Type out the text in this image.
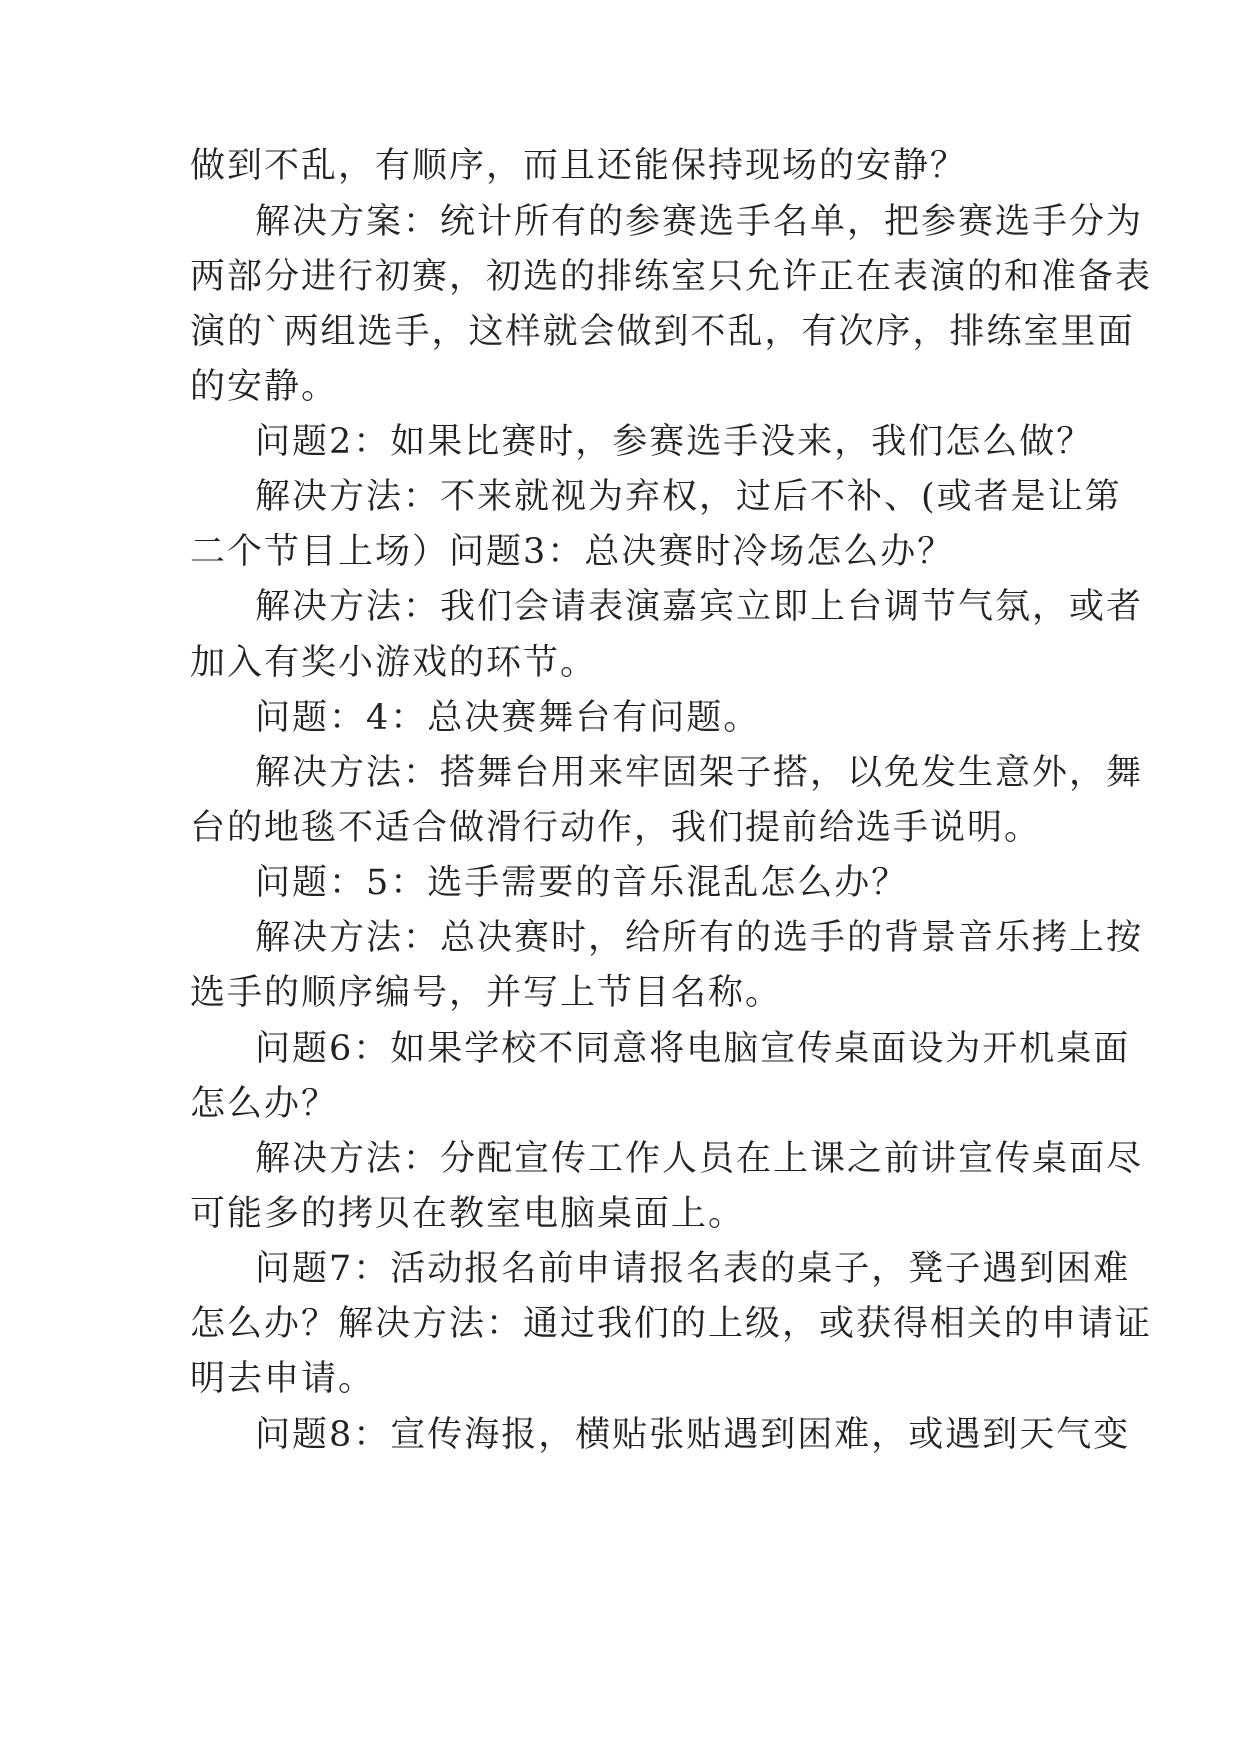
做到不乱，有顺序，而且还能保持现场的安静？
解决方案：统计所有的参赛选手名单，把参赛选手分为
两部分进行初赛，初选的排练室只允许正在表演的和准备表
演的`两组选手，这样就会做到不乱，有次序，排练室里面
的安静。
问题2：如果比赛时，参赛选手没来，我们怎么做？
解决方法：不来就视为弃权，过后不补、(或者是让第
二个节目上场）问题3：总决赛时冷场怎么办？
解决方法：我们会请表演嘉宾立即上台调节气氛，或者
加入有奖小游戏的环节。
问题：4：总决赛舞台有问题。
解决方法：搭舞台用来牢固架子搭，以免发生意外，舞
台的地毯不适合做滑行动作，我们提前给选手说明。
问题：5：选手需要的音乐混乱怎么办？
解决方法：总决赛时，给所有的选手的背景音乐拷上按
选手的顺序编号，并写上节目名称。
问题6：如果学校不同意将电脑宣传桌面设为开机桌面
怎么办？
解决方法：分配宣传工作人员在上课之前讲宣传桌面尽
可能多的拷贝在教室电脑桌面上。
问题7：活动报名前申请报名表的桌子，凳子遇到困难
怎么办？解决方法：通过我们的上级，或获得相关的申请证
明去申请。
问题8：宣传海报，横贴张贴遇到困难，或遇到天气变
